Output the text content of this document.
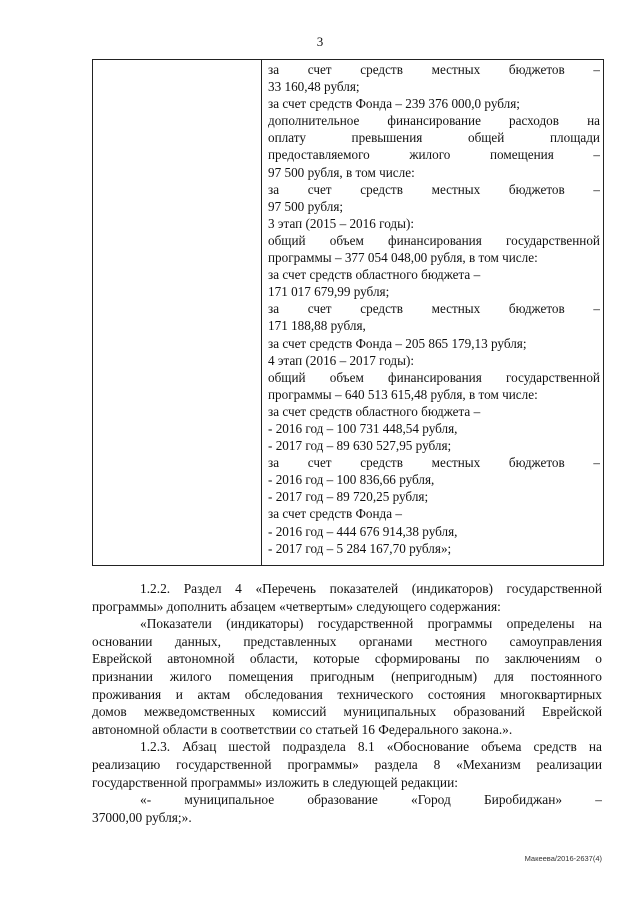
3
за счет средств местных бюджетов –
33 160,48 рубля;
за счет средств Фонда – 239 376 000,0 рубля;
дополнительное финансирование расходов на
оплату превышения общей площади
предоставляемого жилого помещения –
97 500 рубля, в том числе:
за счет средств местных бюджетов –
97 500 рубля;
3 этап (2015 – 2016 годы):
общий объем финансирования государственной
программы – 377 054 048,00 рубля, в том числе:
за счет средств областного бюджета –
171 017 679,99 рубля;
за счет средств местных бюджетов –
171 188,88 рубля,
за счет средств Фонда – 205 865 179,13 рубля;
4 этап (2016 – 2017 годы):
общий объем финансирования государственной
программы – 640 513 615,48 рубля, в том числе:
за счет средств областного бюджета –
- 2016 год – 100 731 448,54 рубля,
- 2017 год – 89 630 527,95 рубля;
за счет средств местных бюджетов –
- 2016 год – 100 836,66 рубля,
- 2017 год – 89 720,25 рубля;
за счет средств Фонда –
- 2016 год – 444 676 914,38 рубля,
- 2017 год – 5 284 167,70 рубля»;
1.2.2. Раздел 4 «Перечень показателей (индикаторов) государственной
программы» дополнить абзацем «четвертым» следующего содержания:
«Показатели (индикаторы) государственной программы определены на
основании данных, представленных органами местного самоуправления
Еврейской автономной области, которые сформированы по заключениям о
признании жилого помещения пригодным (непригодным) для постоянного
проживания и актам обследования технического состояния многоквартирных
домов межведомственных комиссий муниципальных образований Еврейской
автономной области в соответствии со статьей 16 Федерального закона.».
1.2.3. Абзац шестой подраздела 8.1 «Обоснование объема средств на
реализацию государственной программы» раздела 8 «Механизм реализации
государственной программы» изложить в следующей редакции:
«- муниципальное образование «Город Биробиджан» –
37000,00 рубля;».
Макеева/2016-2637(4)
